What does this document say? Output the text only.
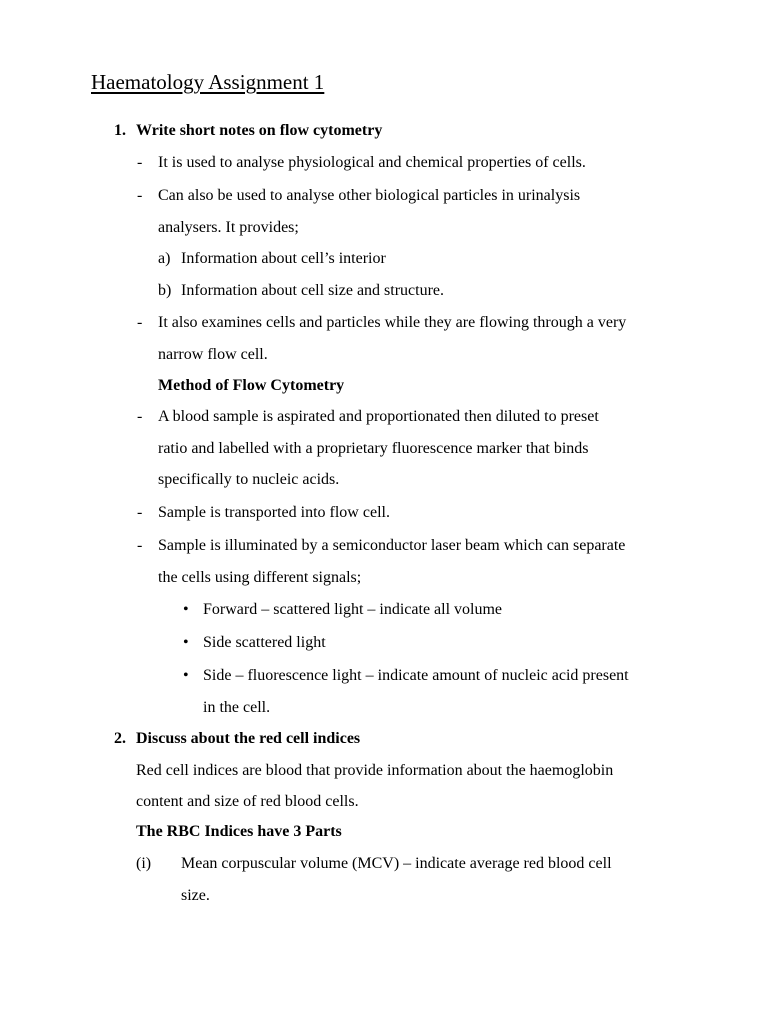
Haematology Assignment 1
1. Write short notes on flow cytometry
- It is used to analyse physiological and chemical properties of cells.
- Can also be used to analyse other biological particles in urinalysis
analysers. It provides;
a) Information about cell’s interior
b) Information about cell size and structure.
- It also examines cells and particles while they are flowing through a very
narrow flow cell.
Method of Flow Cytometry
- A blood sample is aspirated and proportionated then diluted to preset
ratio and labelled with a proprietary fluorescence marker that binds
specifically to nucleic acids.
- Sample is transported into flow cell.
- Sample is illuminated by a semiconductor laser beam which can separate
the cells using different signals;
• Forward – scattered light – indicate all volume
• Side scattered light
• Side – fluorescence light – indicate amount of nucleic acid present
in the cell.
2. Discuss about the red cell indices
Red cell indices are blood that provide information about the haemoglobin
content and size of red blood cells.
The RBC Indices have 3 Parts
(i) Mean corpuscular volume (MCV) – indicate average red blood cell
size.
